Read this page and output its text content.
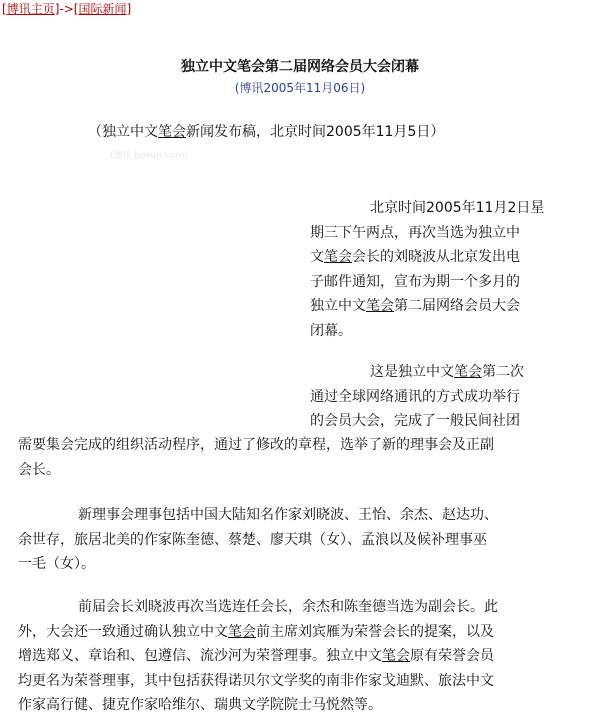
[博讯主页]->[国际新闻]
独立中文笔会第二届网络会员大会闭幕
(博讯2005年11月06日)
（独立中文笔会新闻发布稿，北京时间2005年11月5日）
(博讯 boxun.com)
北京时间2005年11月2日星
期三下午两点，再次当选为独立中
文笔会会长的刘晓波从北京发出电
子邮件通知，宣布为期一个多月的
独立中文笔会第二届网络会员大会
闭幕。
这是独立中文笔会第二次
通过全球网络通讯的方式成功举行
的会员大会，完成了一般民间社团
需要集会完成的组织活动程序，通过了修改的章程，选举了新的理事会及正副
会长。
新理事会理事包括中国大陆知名作家刘晓波、王怡、余杰、赵达功、
余世存，旅居北美的作家陈奎德、蔡楚、廖天琪（女）、孟浪以及候补理事巫
一毛（女）。
前届会长刘晓波再次当选连任会长，余杰和陈奎德当选为副会长。此
外，大会还一致通过确认独立中文笔会前主席刘宾雁为荣誉会长的提案，以及
增选郑义、章诒和、包遵信、流沙河为荣誉理事。独立中文笔会原有荣誉会员
均更名为荣誉理事，其中包括获得诺贝尔文学奖的南非作家戈迪默、旅法中文
作家高行健、捷克作家哈维尔、瑞典文学院院士马悦然等。
